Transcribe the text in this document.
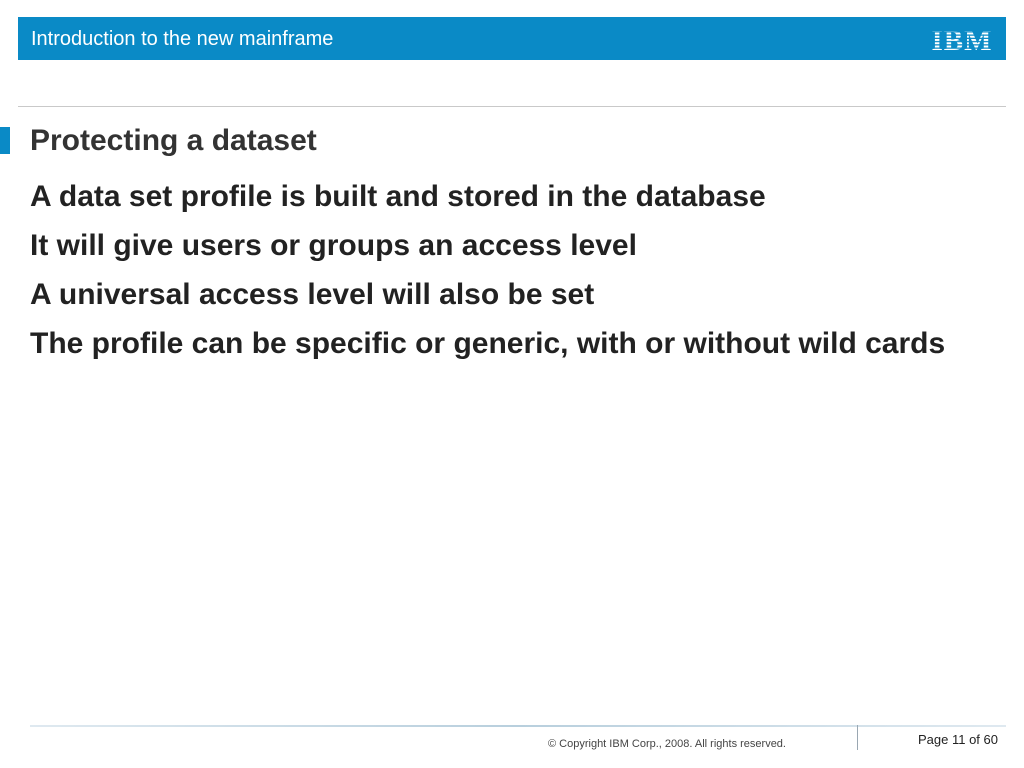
Introduction to the new mainframe	IBM
Protecting a dataset
A data set profile is built and stored in the database
It will give users or groups an access level
A universal access level will also be set
The profile can be specific or generic, with or without wild cards
© Copyright IBM Corp., 2008. All rights reserved.	Page 11 of 60
